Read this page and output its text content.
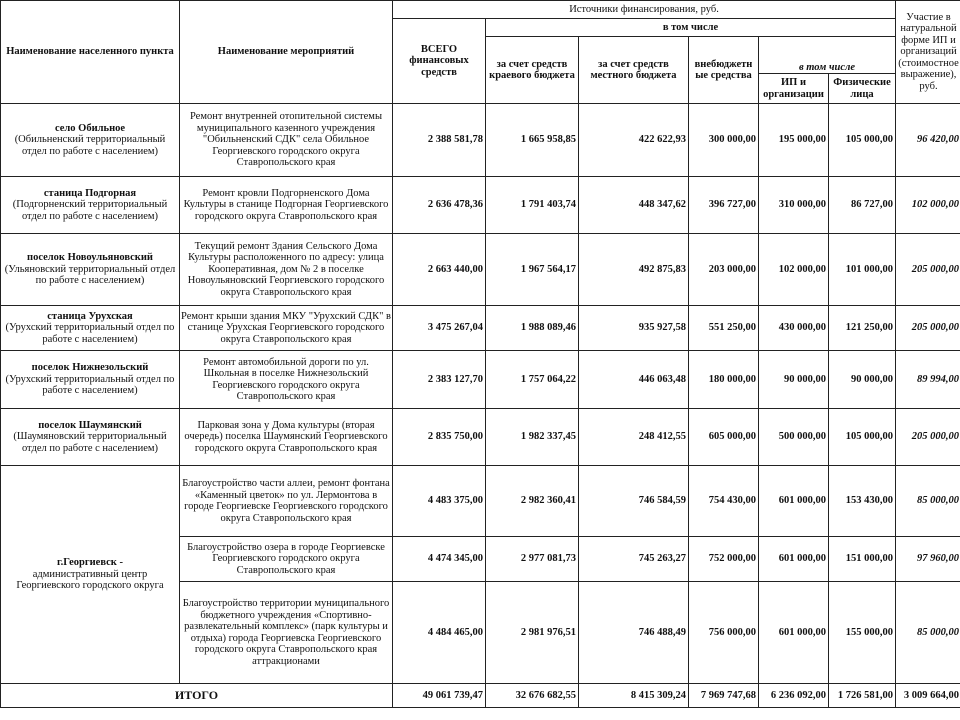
Наименование населенного пункта	Наименование мероприятий	Источники финансирования, руб.						Участие в натуральной форме ИП и организаций (стоимостное выражение), руб.
		ВСЕГО финансовых средств	в том числе					
			за счет средств краевого бюджета	за счет средств местного бюджета	внебюджетн ые средства	в том числе		
						ИП и организации	Физические лица	

село Обильное
(Обильненский территориальный отдел по работе с населением)	Ремонт внутренней отопительной системы муниципального казенного учреждения "Обильненский СДК" села Обильное Георгиевского городского округа Ставропольского края	2 388 581,78	1 665 958,85	422 622,93	300 000,00	195 000,00	105 000,00	96 420,00

станица Подгорная
(Подгорненский территориальный отдел по работе с населением)	Ремонт кровли Подгорненского Дома Культуры в станице Подгорная Георгиевского городского округа Ставропольского края	2 636 478,36	1 791 403,74	448 347,62	396 727,00	310 000,00	86 727,00	102 000,00

поселок Новоульяновский
(Ульяновский территориальный отдел по работе с населением)	Текущий ремонт Здания Сельского Дома Культуры расположенного по адресу: улица Кооперативная, дом № 2 в поселке Новоульяновский Георгиевского городского округа Ставропольского края	2 663 440,00	1 967 564,17	492 875,83	203 000,00	102 000,00	101 000,00	205 000,00

станица Урухская
(Урухский территориальный отдел по работе с населением)	Ремонт крыши здания МКУ "Урухский СДК" в станице Урухская Георгиевского городского округа Ставропольского края	3 475 267,04	1 988 089,46	935 927,58	551 250,00	430 000,00	121 250,00	205 000,00

поселок Нижнезольский
(Урухский территориальный отдел по работе с населением)	Ремонт автомобильной дороги по ул. Школьная в поселке Нижнезольский Георгиевского городского округа Ставропольского края	2 383 127,70	1 757 064,22	446 063,48	180 000,00	90 000,00	90 000,00	89 994,00

поселок Шаумянский
(Шаумяновский территориальный отдел по работе с населением)	Парковая зона у Дома культуры (вторая очередь) поселка Шаумянский Георгиевского городского округа Ставропольского края	2 835 750,00	1 982 337,45	248 412,55	605 000,00	500 000,00	105 000,00	205 000,00

г.Георгиевск -
административный центр Георгиевского городского округа	Благоустройство части аллеи, ремонт фонтана «Каменный цветок» по ул. Лермонтова в городе Георгиевске Георгиевского городского округа Ставропольского края	4 483 375,00	2 982 360,41	746 584,59	754 430,00	601 000,00	153 430,00	85 000,00
	Благоустройство озера в городе Георгиевске Георгиевского городского округа Ставропольского края	4 474 345,00	2 977 081,73	745 263,27	752 000,00	601 000,00	151 000,00	97 960,00
	Благоустройство территории муниципального бюджетного учреждения «Спортивно-развлекательный комплекс» (парк культуры и отдыха) города Георгиевска Георгиевского городского округа Ставропольского края аттракционами	4 484 465,00	2 981 976,51	746 488,49	756 000,00	601 000,00	155 000,00	85 000,00
ИТОГО		49 061 739,47	32 676 682,55	8 415 309,24	7 969 747,68	6 236 092,00	1 726 581,00	3 009 664,00
